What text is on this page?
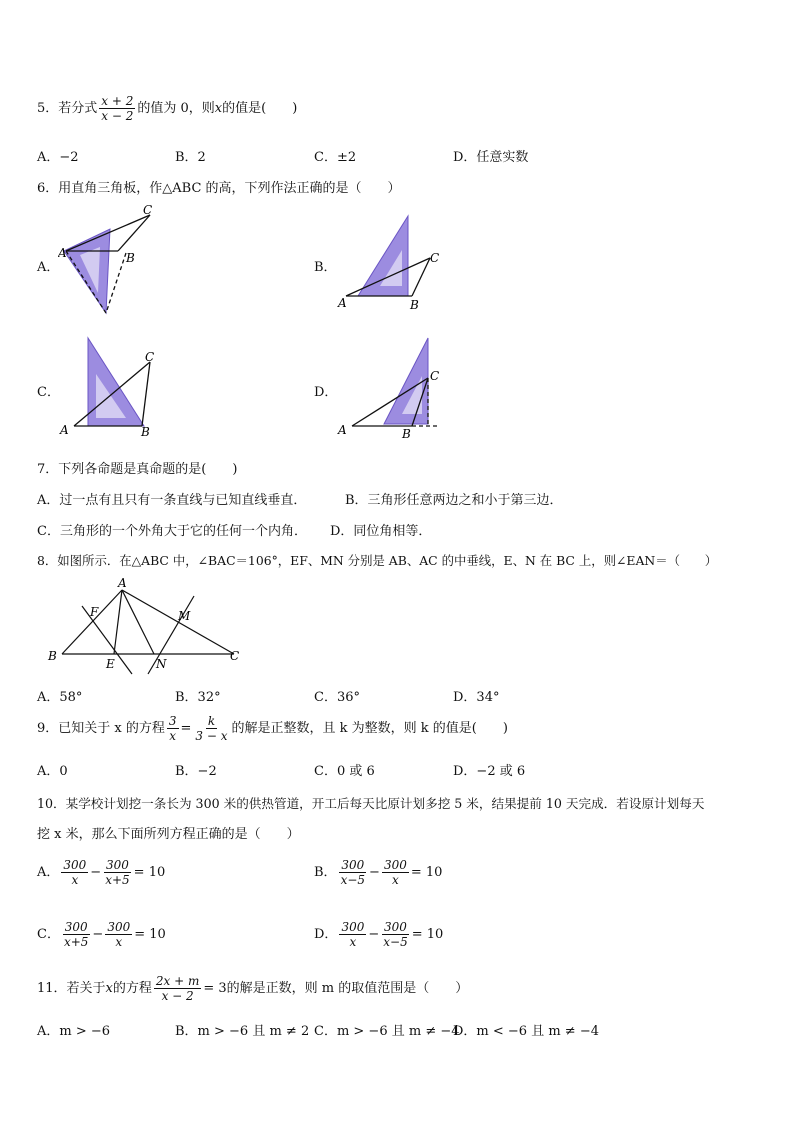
5．若分式 $\frac{x + 2}{x - 2}$ 的值为 0，则x的值是(　　)
A．−2	B．2	C．±2	D．任意实数
6．用直角三角板，作△ABC 的高，下列作法正确的是（　　）
A．
A	B
C
B．
A	B
C
C．
A	B
C
D．
A	B
C
7．下列各命题是真命题的是(　　)
A．过一点有且只有一条直线与已知直线垂直．	B．三角形任意两边之和小于第三边．
C．三角形的一个外角大于它的任何一个内角． D．同位角相等．
8．如图所示．在△ABC 中，∠BAC＝106°，EF、MN 分别是 AB、AC 的中垂线，E、N 在 BC 上，则∠EAN＝（　　）
A
B	C
E
F	M
N
A．58°	B．32°	C．36°	D．34°
9．已知关于 x 的方程 $\frac{3}{x} = \frac{k}{3 - x}$ 的解是正整数，且 k 为整数，则 k 的值是(　　)
A．0	B．−2	C．0 或 6	D．−2 或 6
10．某学校计划挖一条长为 300 米的供热管道，开工后每天比原计划多挖 5 米，结果提前 10 天完成．若设原计划每天
挖 x 米，那么下面所列方程正确的是（　　）
A． $\frac{300}{x} - \frac{300}{x+5} = 10$	B． $\frac{300}{x-5} - \frac{300}{x} = 10$
C． $\frac{300}{x+5} - \frac{300}{x} = 10$	D． $\frac{300}{x} - \frac{300}{x-5} = 10$
11．若关于x的方程 $\frac{2x + m}{x - 2} = 3$的解是正数，则 m 的取值范围是（　　）
A．m > −6	B．m > −6 且 m ≠ 2 C．m > −6 且 m ≠ −4
D．m < −6 且 m ≠ −4
